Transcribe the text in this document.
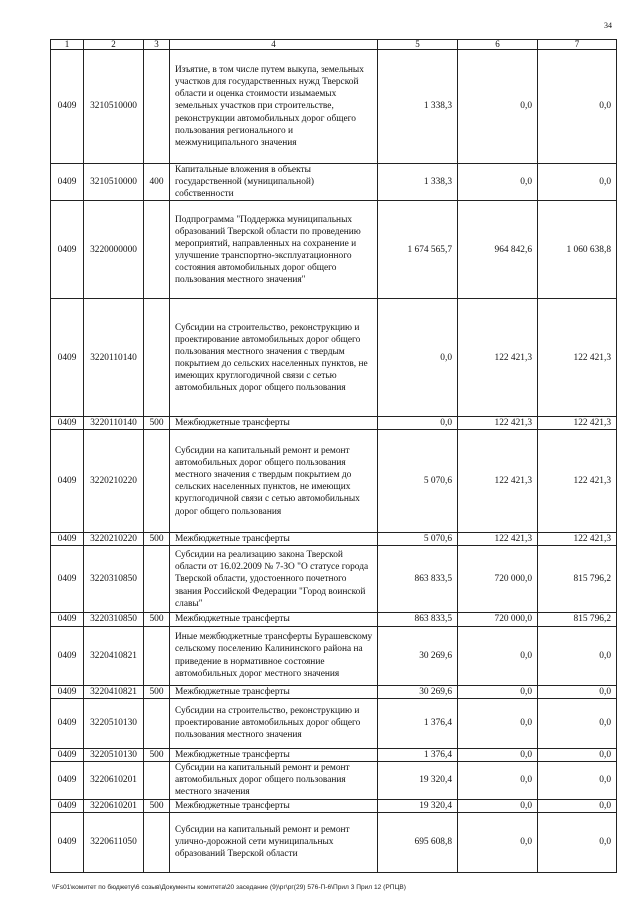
34
1	2	3	4	5	6	7
0409	3210510000		Изъятие, в том числе путем выкупа, земельных участков для государственных нужд Тверской области и оценка стоимости изымаемых земельных участков при строительстве, реконструкции автомобильных дорог общего пользования регионального и межмуниципального значения	1 338,3	0,0	0,0
0409	3210510000	400	Капитальные вложения в объекты государственной (муниципальной) собственности	1 338,3	0,0	0,0
0409	3220000000		Подпрограмма "Поддержка муниципальных образований Тверской области по проведению мероприятий, направленных на сохранение и улучшение транспортно-эксплуатационного состояния автомобильных дорог общего пользования местного значения"	1 674 565,7	964 842,6	1 060 638,8
0409	3220110140		Субсидии на строительство, реконструкцию и проектирование автомобильных дорог общего пользования местного значения с твердым покрытием до сельских населенных пунктов, не имеющих круглогодичной связи с сетью автомобильных дорог общего пользования	0,0	122 421,3	122 421,3
0409	3220110140	500	Межбюджетные трансферты	0,0	122 421,3	122 421,3
0409	3220210220		Субсидии на капитальный ремонт и ремонт автомобильных дорог общего пользования местного значения с твердым покрытием до сельских населенных пунктов, не имеющих круглогодичной связи с сетью автомобильных дорог общего пользования	5 070,6	122 421,3	122 421,3
0409	3220210220	500	Межбюджетные трансферты	5 070,6	122 421,3	122 421,3
0409	3220310850		Субсидии на реализацию закона Тверской области от 16.02.2009 № 7-ЗО "О статусе города Тверской области, удостоенного почетного звания Российской Федерации "Город воинской славы"	863 833,5	720 000,0	815 796,2
0409	3220310850	500	Межбюджетные трансферты	863 833,5	720 000,0	815 796,2
0409	3220410821		Иные межбюджетные трансферты Бурашевскому сельскому поселению Калининского района на приведение в нормативное состояние автомобильных дорог местного значения	30 269,6	0,0	0,0
0409	3220410821	500	Межбюджетные трансферты	30 269,6	0,0	0,0
0409	3220510130		Субсидии на строительство, реконструкцию и проектирование автомобильных дорог общего пользования местного значения	1 376,4	0,0	0,0
0409	3220510130	500	Межбюджетные трансферты	1 376,4	0,0	0,0
0409	3220610201		Субсидии на капитальный ремонт и ремонт автомобильных дорог общего пользования местного значения	19 320,4	0,0	0,0
0409	3220610201	500	Межбюджетные трансферты	19 320,4	0,0	0,0
0409	3220611050		Субсидии на капитальный ремонт и ремонт улично-дорожной сети муниципальных образований Тверской области	695 608,8	0,0	0,0
\\Fs01\комитет по бюджету\6 созыв\Документы комитета\20 заседание (9)\рг\рг(29) 576-П-6\Прил 3 Прил 12 (РПЦВ)
